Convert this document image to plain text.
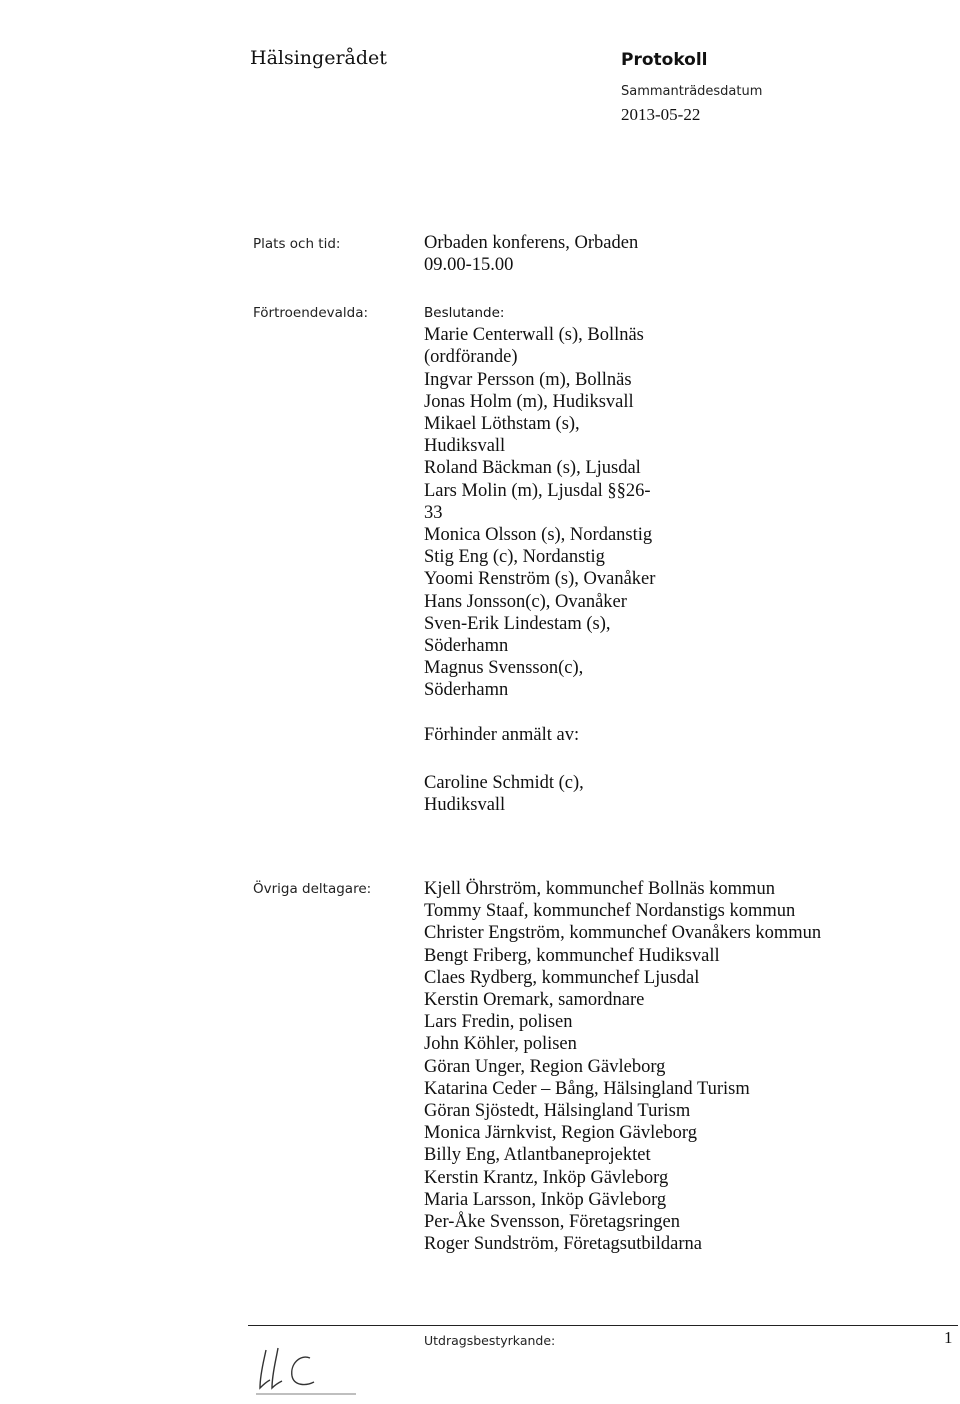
Hälsingerådet	Protokoll
Sammanträdesdatum
2013-05-22
Plats och tid:	Orbaden konferens, Orbaden
09.00-15.00
Förtroendevalda:	Beslutande:
Marie Centerwall (s), Bollnäs
(ordförande)
Ingvar Persson (m), Bollnäs
Jonas Holm (m), Hudiksvall
Mikael Löthstam (s),
Hudiksvall
Roland Bäckman (s), Ljusdal
Lars Molin (m), Ljusdal §§26-
33
Monica Olsson (s), Nordanstig
Stig Eng (c), Nordanstig
Yoomi Renström (s), Ovanåker
Hans Jonsson(c), Ovanåker
Sven-Erik Lindestam (s),
Söderhamn
Magnus Svensson(c),
Söderhamn
Förhinder anmält av:
Caroline Schmidt (c),
Hudiksvall
Övriga deltagare:	Kjell Öhrström, kommunchef Bollnäs kommun
Tommy Staaf, kommunchef Nordanstigs kommun
Christer Engström, kommunchef Ovanåkers kommun
Bengt Friberg, kommunchef Hudiksvall
Claes Rydberg, kommunchef Ljusdal
Kerstin Oremark, samordnare
Lars Fredin, polisen
John Köhler, polisen
Göran Unger, Region Gävleborg
Katarina Ceder – Bång, Hälsingland Turism
Göran Sjöstedt, Hälsingland Turism
Monica Järnkvist, Region Gävleborg
Billy Eng, Atlantbaneprojektet
Kerstin Krantz, Inköp Gävleborg
Maria Larsson, Inköp Gävleborg
Per-Åke Svensson, Företagsringen
Roger Sundström, Företagsutbildarna
Utdragsbestyrkande:	1
